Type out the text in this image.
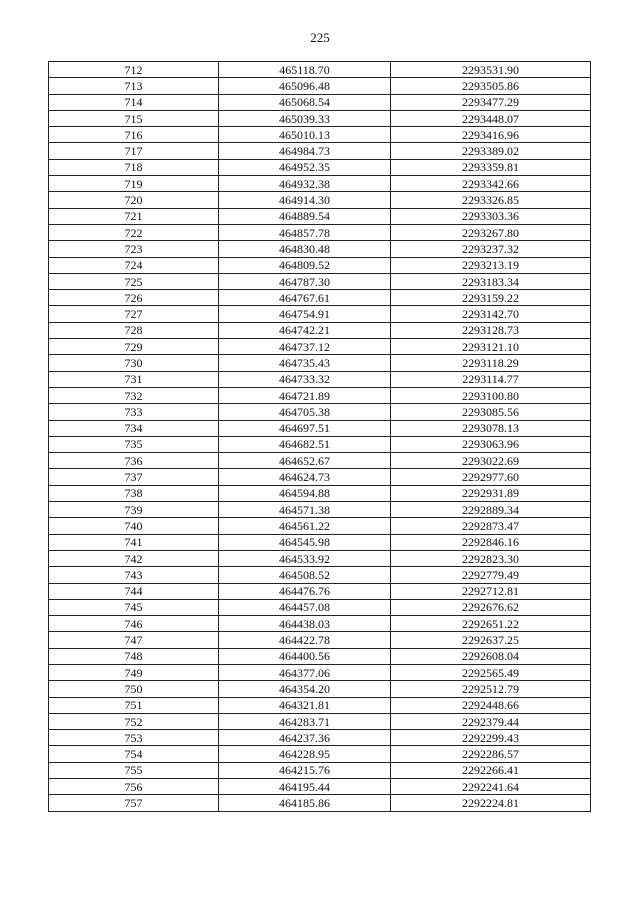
225
712	465118.70	2293531.90
713	465096.48	2293505.86
714	465068.54	2293477.29
715	465039.33	2293448.07
716	465010.13	2293416.96
717	464984.73	2293389.02
718	464952.35	2293359.81
719	464932.38	2293342.66
720	464914.30	2293326.85
721	464889.54	2293303.36
722	464857.78	2293267.80
723	464830.48	2293237.32
724	464809.52	2293213.19
725	464787.30	2293183.34
726	464767.61	2293159.22
727	464754.91	2293142.70
728	464742.21	2293128.73
729	464737.12	2293121.10
730	464735.43	2293118.29
731	464733.32	2293114.77
732	464721.89	2293100.80
733	464705.38	2293085.56
734	464697.51	2293078.13
735	464682.51	2293063.96
736	464652.67	2293022.69
737	464624.73	2292977.60
738	464594.88	2292931.89
739	464571.38	2292889.34
740	464561.22	2292873.47
741	464545.98	2292846.16
742	464533.92	2292823.30
743	464508.52	2292779.49
744	464476.76	2292712.81
745	464457.08	2292676.62
746	464438.03	2292651.22
747	464422.78	2292637.25
748	464400.56	2292608.04
749	464377.06	2292565.49
750	464354.20	2292512.79
751	464321.81	2292448.66
752	464283.71	2292379.44
753	464237.36	2292299.43
754	464228.95	2292286.57
755	464215.76	2292266.41
756	464195.44	2292241.64
757	464185.86	2292224.81
